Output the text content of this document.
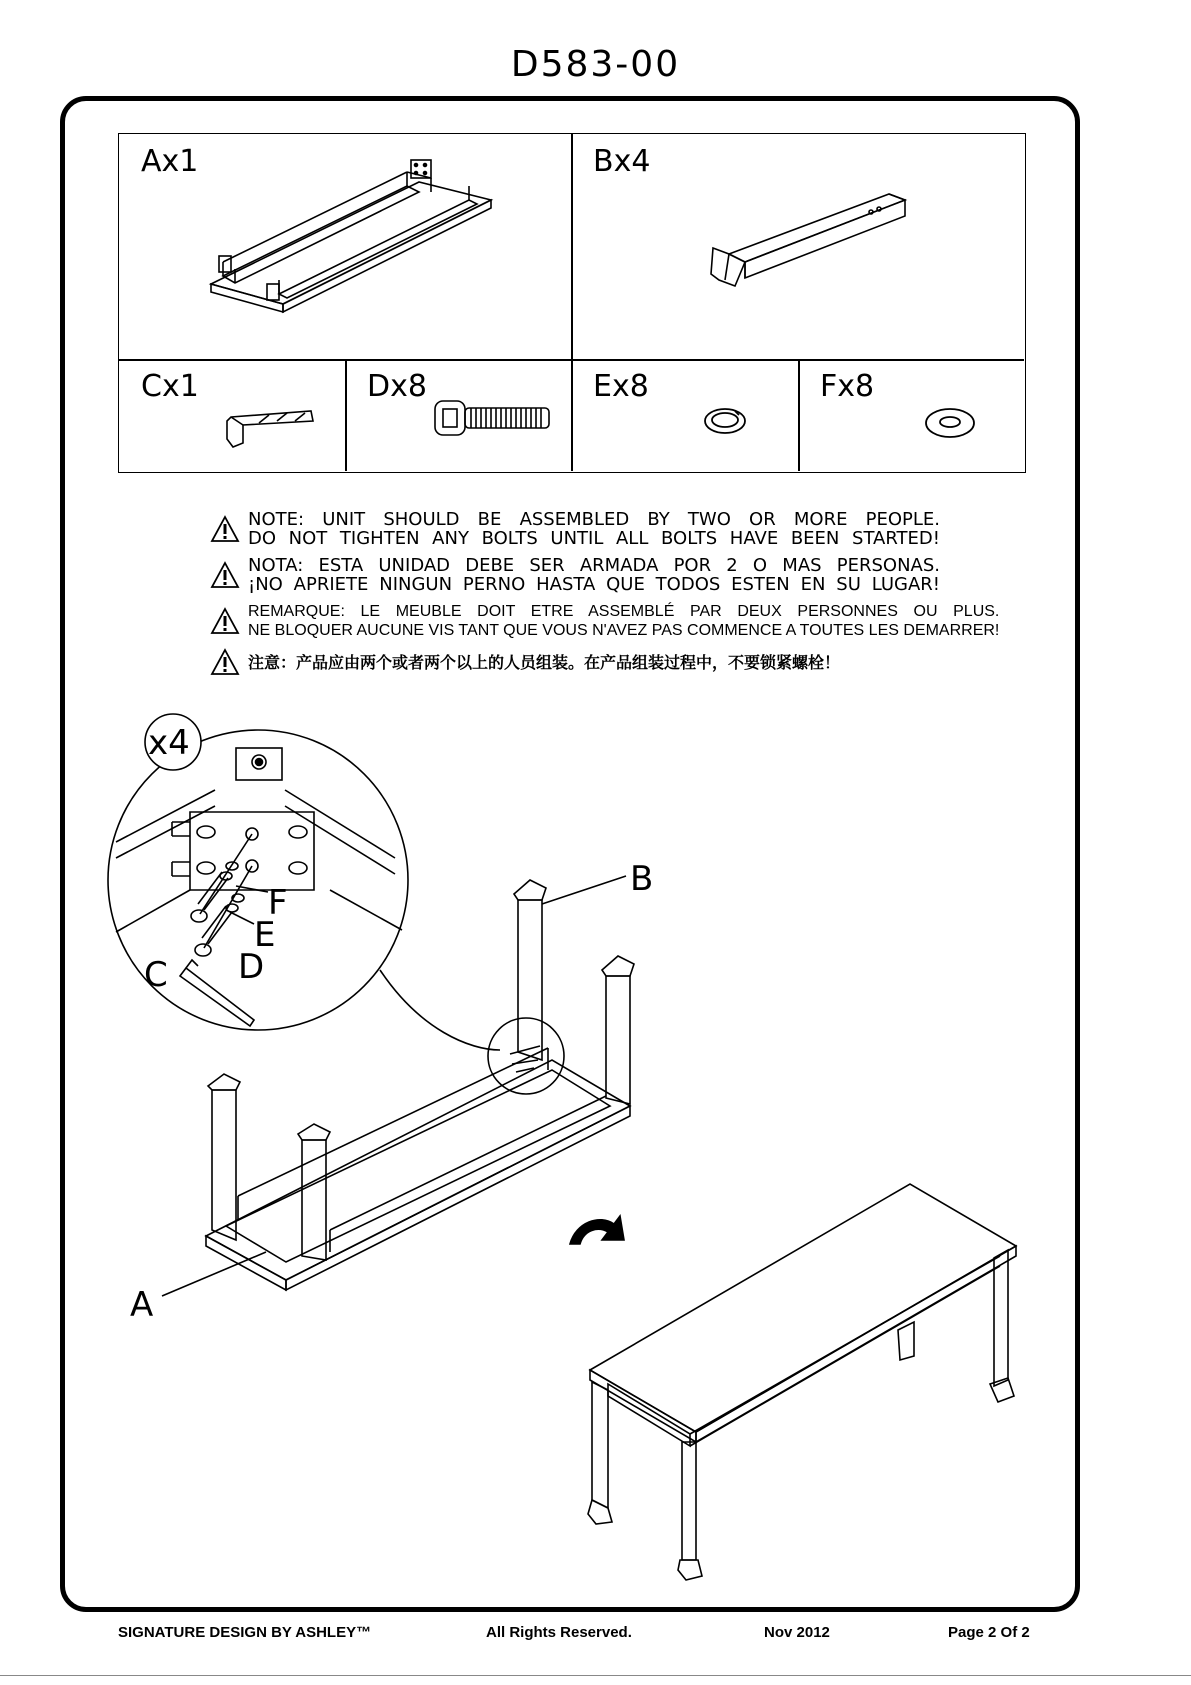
D583-00
Ax1	Bx4
Cx1	Dx8	Ex8	Fx8
NOTE: UNIT SHOULD BE ASSEMBLED BY TWO OR MORE PEOPLE.
DO NOT TIGHTEN ANY BOLTS UNTIL ALL BOLTS HAVE BEEN STARTED!
NOTA: ESTA UNIDAD DEBE SER ARMADA POR 2 O MAS PERSONAS.
¡NO APRIETE NINGUN PERNO HASTA QUE TODOS ESTEN EN SU LUGAR!
REMARQUE: LE MEUBLE DOIT ETRE ASSEMBLÉ PAR DEUX PERSONNES OU PLUS.
NE BLOQUER AUCUNE VIS TANT QUE VOUS N'AVEZ PAS COMMENCE A TOUTES LES DEMARRER!
注意：产品应由两个或者两个以上的人员组装。在产品组装过程中，不要锁紧螺栓！
x4
F
E
D
C
B
A
SIGNATURE DESIGN BY ASHLEY™	All Rights Reserved.	Nov 2012	Page 2 Of 2
